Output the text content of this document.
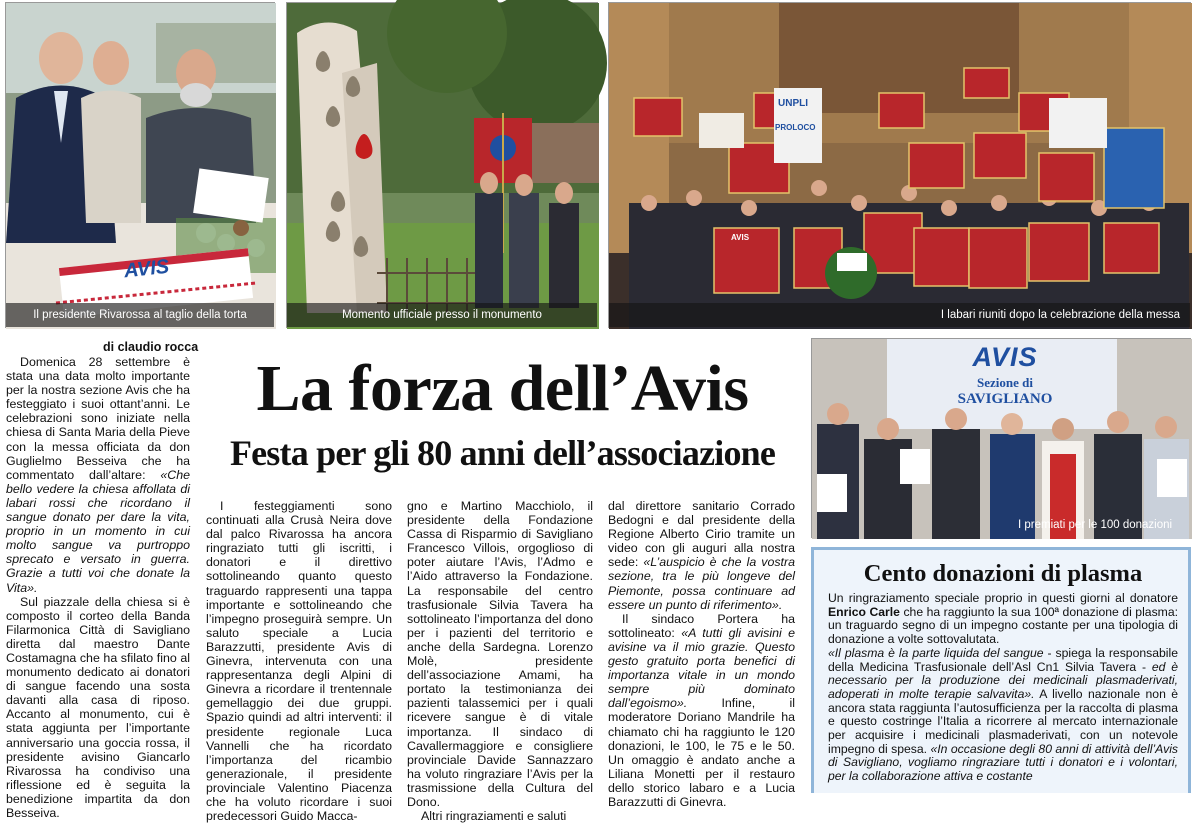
AVIS
Il presidente Rivarossa al taglio della torta	Momento ufficiale presso il monumento
UNPLI
PROLOCO
AVIS
I labari riuniti dopo la celebrazione della messa
AVIS
Sezione di
SAVIGLIANO
I premiati per le 100 donazioni
di claudio rocca

Domenica 28 settembre è stata una data molto importante per la nostra sezione Avis che ha festeggiato i suoi ottant’anni. Le celebrazioni sono iniziate nella chiesa di Santa Maria della Pieve con la messa officiata da don Guglielmo Besseiva che ha commentato dall’altare: «Che bello vedere la chiesa affollata di labari rossi che ricordano il sangue donato per dare la vita, proprio in un momento in cui molto sangue va purtroppo sprecato e versato in guerra. Grazie a tutti voi che donate la Vita».

Sul piazzale della chiesa si è composto il corteo della Banda Filarmonica Città di Savigliano diretta dal maestro Dante Costamagna che ha sfilato fino al monumento dedicato ai donatori di sangue facendo una sosta davanti alla casa di riposo. Accanto al monumento, cui è stata aggiunta per l’importante anniversario una goccia rossa, il presidente avisino Giancarlo Rivarossa ha condiviso una riflessione ed è seguita la benedizione impartita da don Besseiva.

La forza dell’Avis
Festa per gli 80 anni dell’associazione

I festeggiamenti sono continuati alla Crusà Neira dove dal palco Rivarossa ha ancora ringraziato tutti gli iscritti, i donatori e il direttivo sottolineando quanto questo traguardo rappresenti una tappa importante e sottolineando che l’impegno proseguirà sempre. Un saluto speciale a Lucia Barazzutti, presidente Avis di Ginevra, intervenuta con una rappresentanza degli Alpini di Ginevra a ricordare il trentennale gemellaggio dei due gruppi. Spazio quindi ad altri interventi: il presidente regionale Luca Vannelli che ha ricordato l’importanza del ricambio generazionale, il presidente provinciale Valentino Piacenza che ha voluto ricordare i suoi predecessori Guido Macca-

gno e Martino Macchiolo, il presidente della Fondazione Cassa di Risparmio di Savigliano Francesco Villois, orgoglioso di poter aiutare l’Avis, l’Admo e l’Aido attraverso la Fondazione. La responsabile del centro trasfusionale Silvia Tavera ha sottolineato l’importanza del dono per i pazienti del territorio e anche della Sardegna. Lorenzo Molè, presidente dell’associazione Amami, ha portato la testimonianza dei pazienti talassemici per i quali ricevere sangue è di vitale importanza. Il sindaco di Cavallermaggiore e consigliere provinciale Davide Sannazzaro ha voluto ringraziare l’Avis per la trasmissione della Cultura del Dono.

Altri ringraziamenti e saluti

dal direttore sanitario Corrado Bedogni e dal presidente della Regione Alberto Cirio tramite un video con gli auguri alla nostra sede: «L’auspicio è che la vostra sezione, tra le più longeve del Piemonte, possa continuare ad essere un punto di riferimento».

Il sindaco Portera ha sottolineato: «A tutti gli avisini e avisine va il mio grazie. Questo gesto gratuito porta benefici di importanza vitale in un mondo sempre più dominato dall’egoismo». Infine, il moderatore Doriano Mandrile ha chiamato chi ha raggiunto le 120 donazioni, le 100, le 75 e le 50. Un omaggio è andato anche a Liliana Monetti per il restauro dello storico labaro e a Lucia Barazzutti di Ginevra.

Cento donazioni di plasma

Un ringraziamento speciale proprio in questi giorni al donatore Enrico Carle che ha raggiunto la sua 100ª donazione di plasma: un traguardo segno di un impegno costante per una tipologia di donazione a volte sottovalutata.

«Il plasma è la parte liquida del sangue - spiega la responsabile della Medicina Trasfusionale dell’Asl Cn1 Silvia Tavera - ed è necessario per la produzione dei medicinali plasmaderivati, adoperati in molte terapie salvavita». A livello nazionale non è ancora stata raggiunta l’autosufficienza per la raccolta di plasma e questo costringe l’Italia a ricorrere al mercato internazionale per acquisire i medicinali plasmaderivati, con un notevole impegno di spesa. «In occasione degli 80 anni di attività dell’Avis di Savigliano, vogliamo ringraziare tutti i donatori e i volontari, per la collaborazione attiva e costante
